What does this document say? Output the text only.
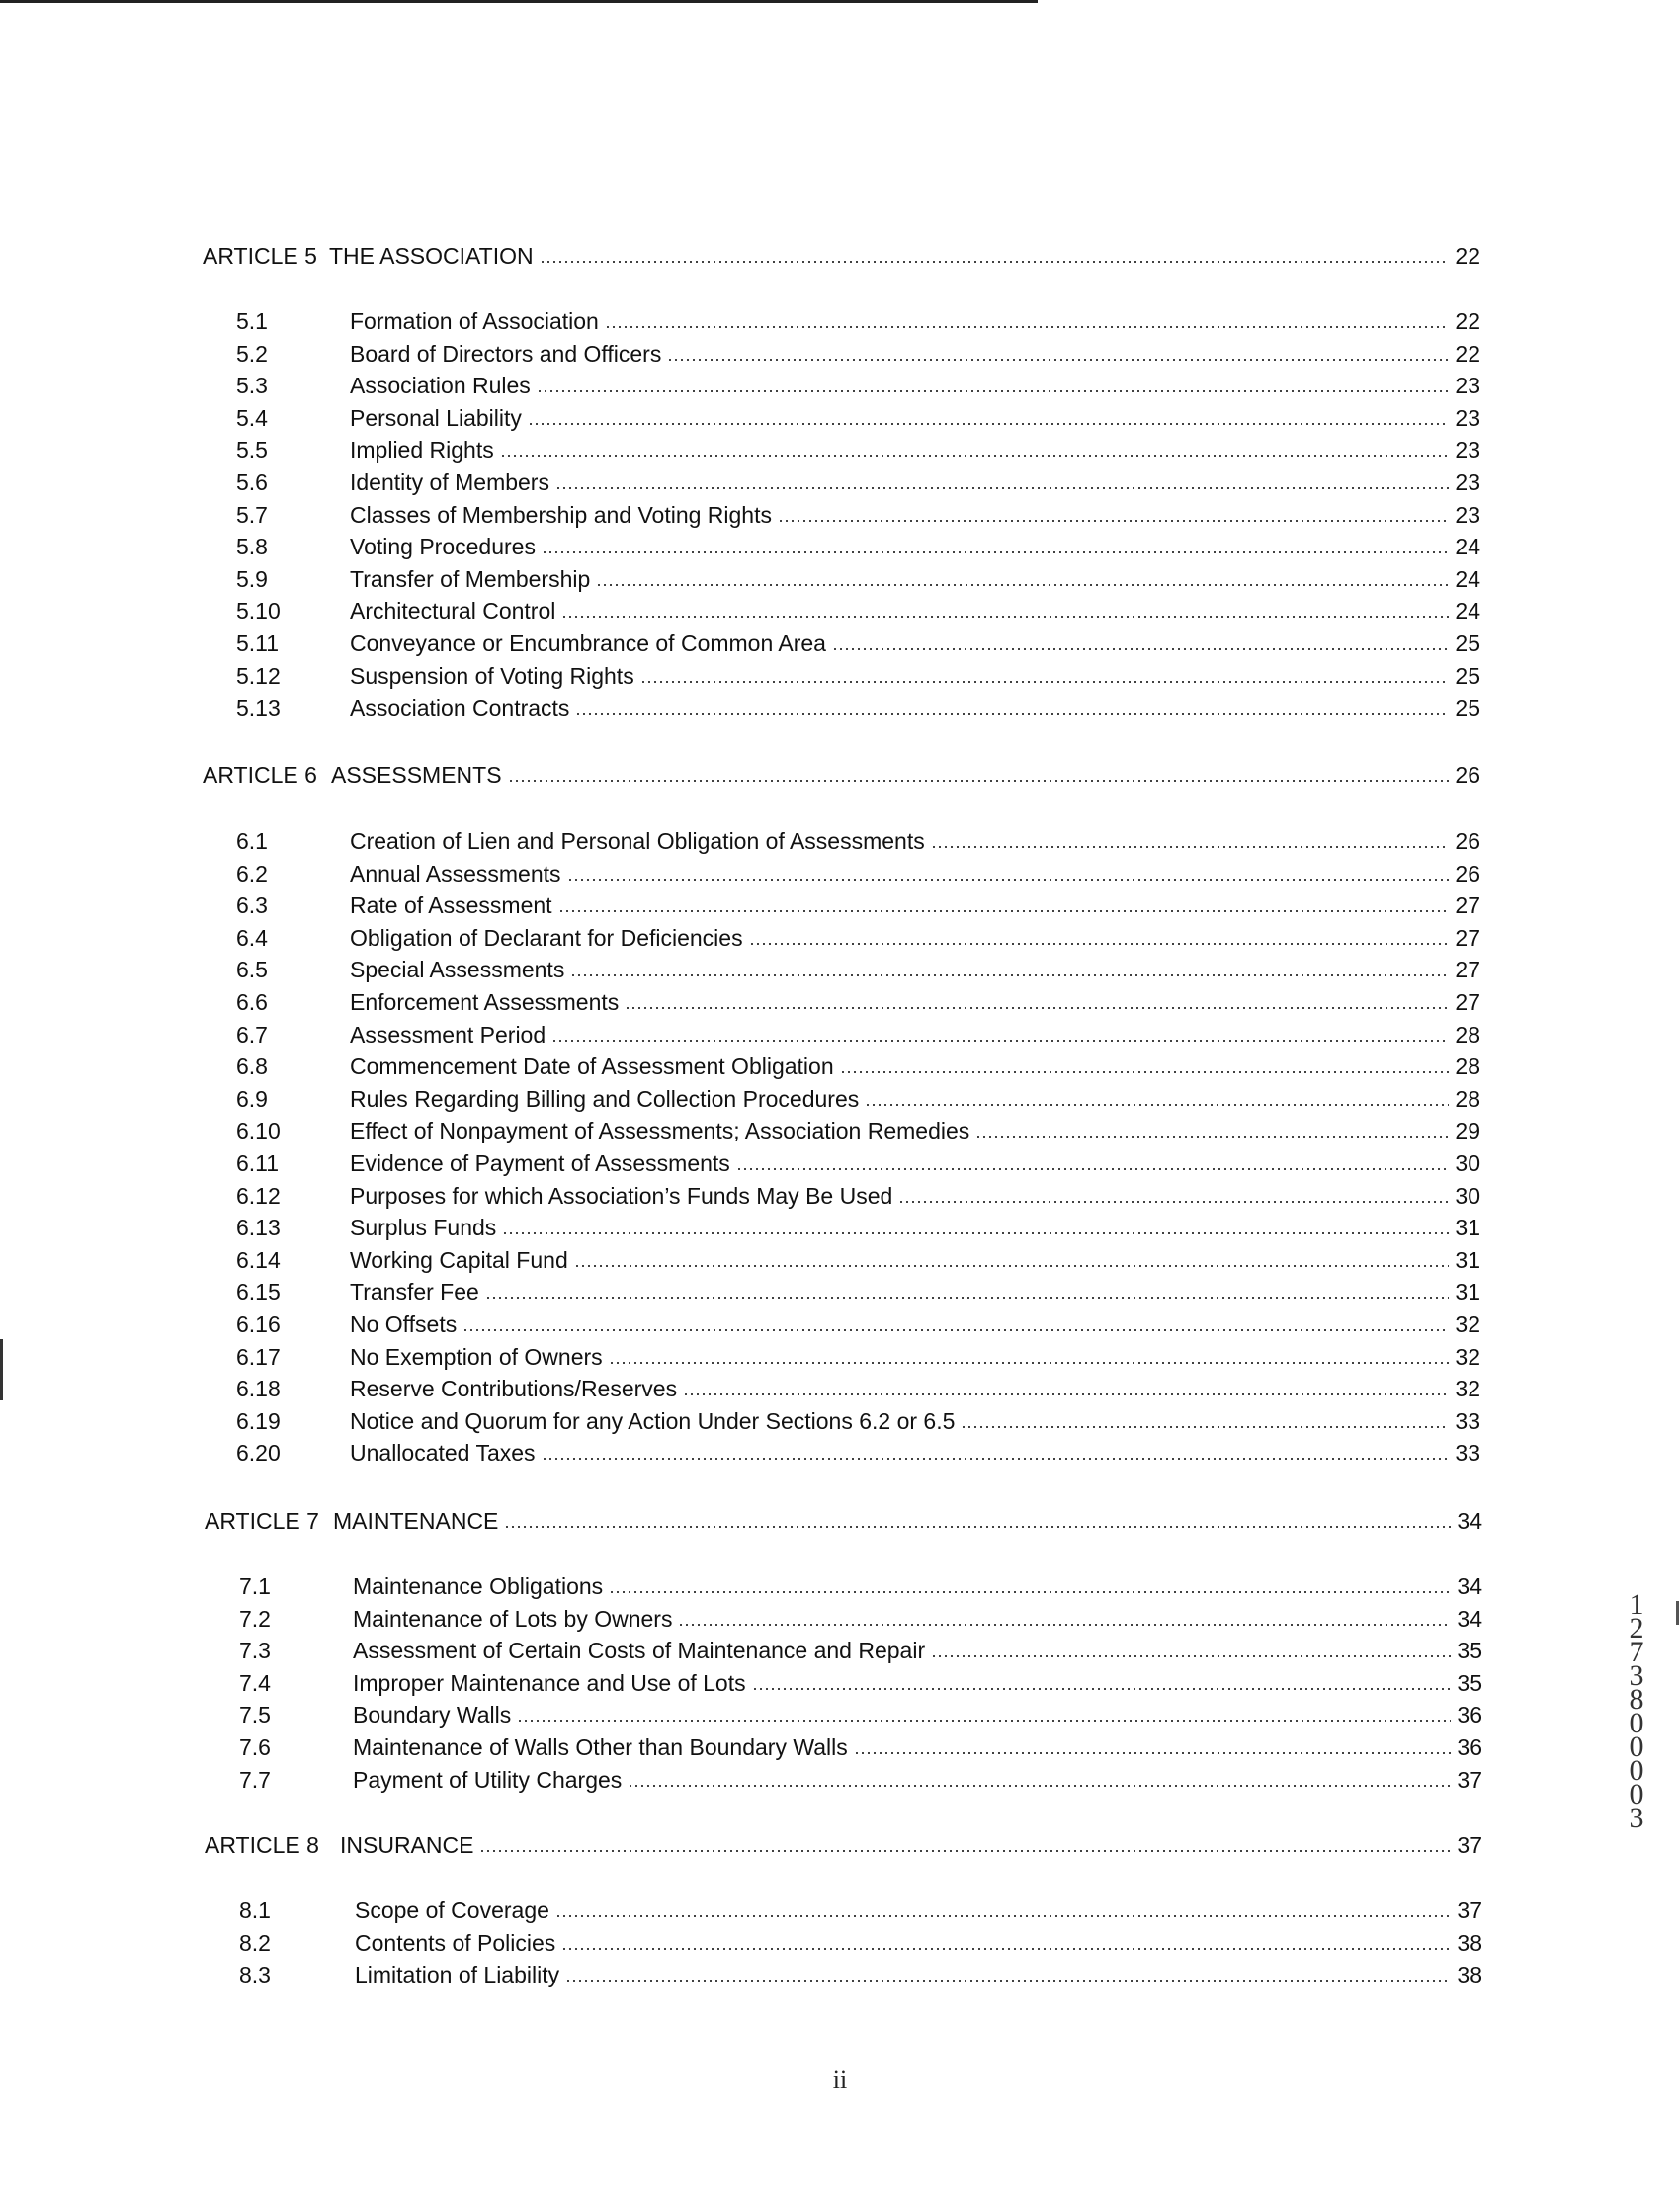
ARTICLE 5 THE ASSOCIATION	22
5.1	Formation of Association	22
5.2	Board of Directors and Officers	22
5.3	Association Rules	23
5.4	Personal Liability	23
5.5	Implied Rights	23
5.6	Identity of Members	23
5.7	Classes of Membership and Voting Rights	23
5.8	Voting Procedures	24
5.9	Transfer of Membership	24
5.10	Architectural Control	24
5.11	Conveyance or Encumbrance of Common Area	25
5.12	Suspension of Voting Rights	25
5.13	Association Contracts	25
ARTICLE 6 ASSESSMENTS	26
6.1	Creation of Lien and Personal Obligation of Assessments	26
6.2	Annual Assessments	26
6.3	Rate of Assessment	27
6.4	Obligation of Declarant for Deficiencies	27
6.5	Special Assessments	27
6.6	Enforcement Assessments	27
6.7	Assessment Period	28
6.8	Commencement Date of Assessment Obligation	28
6.9	Rules Regarding Billing and Collection Procedures	28
6.10	Effect of Nonpayment of Assessments; Association Remedies	29
6.11	Evidence of Payment of Assessments	30
6.12	Purposes for which Association’s Funds May Be Used	30
6.13	Surplus Funds	31
6.14	Working Capital Fund	31
6.15	Transfer Fee	31
6.16	No Offsets	32
6.17	No Exemption of Owners	32
6.18	Reserve Contributions/Reserves	32
6.19	Notice and Quorum for any Action Under Sections 6.2 or 6.5	33
6.20	Unallocated Taxes	33
ARTICLE 7 MAINTENANCE	34
7.1	Maintenance Obligations	34
7.2	Maintenance of Lots by Owners	34
7.3	Assessment of Certain Costs of Maintenance and Repair	35
7.4	Improper Maintenance and Use of Lots	35
7.5	Boundary Walls	36
7.6	Maintenance of Walls Other than Boundary Walls	36
7.7	Payment of Utility Charges	37
ARTICLE 8 INSURANCE	37
8.1	Scope of Coverage	37
8.2	Contents of Policies	38
8.3	Limitation of Liability	38
12738 00003
ii
